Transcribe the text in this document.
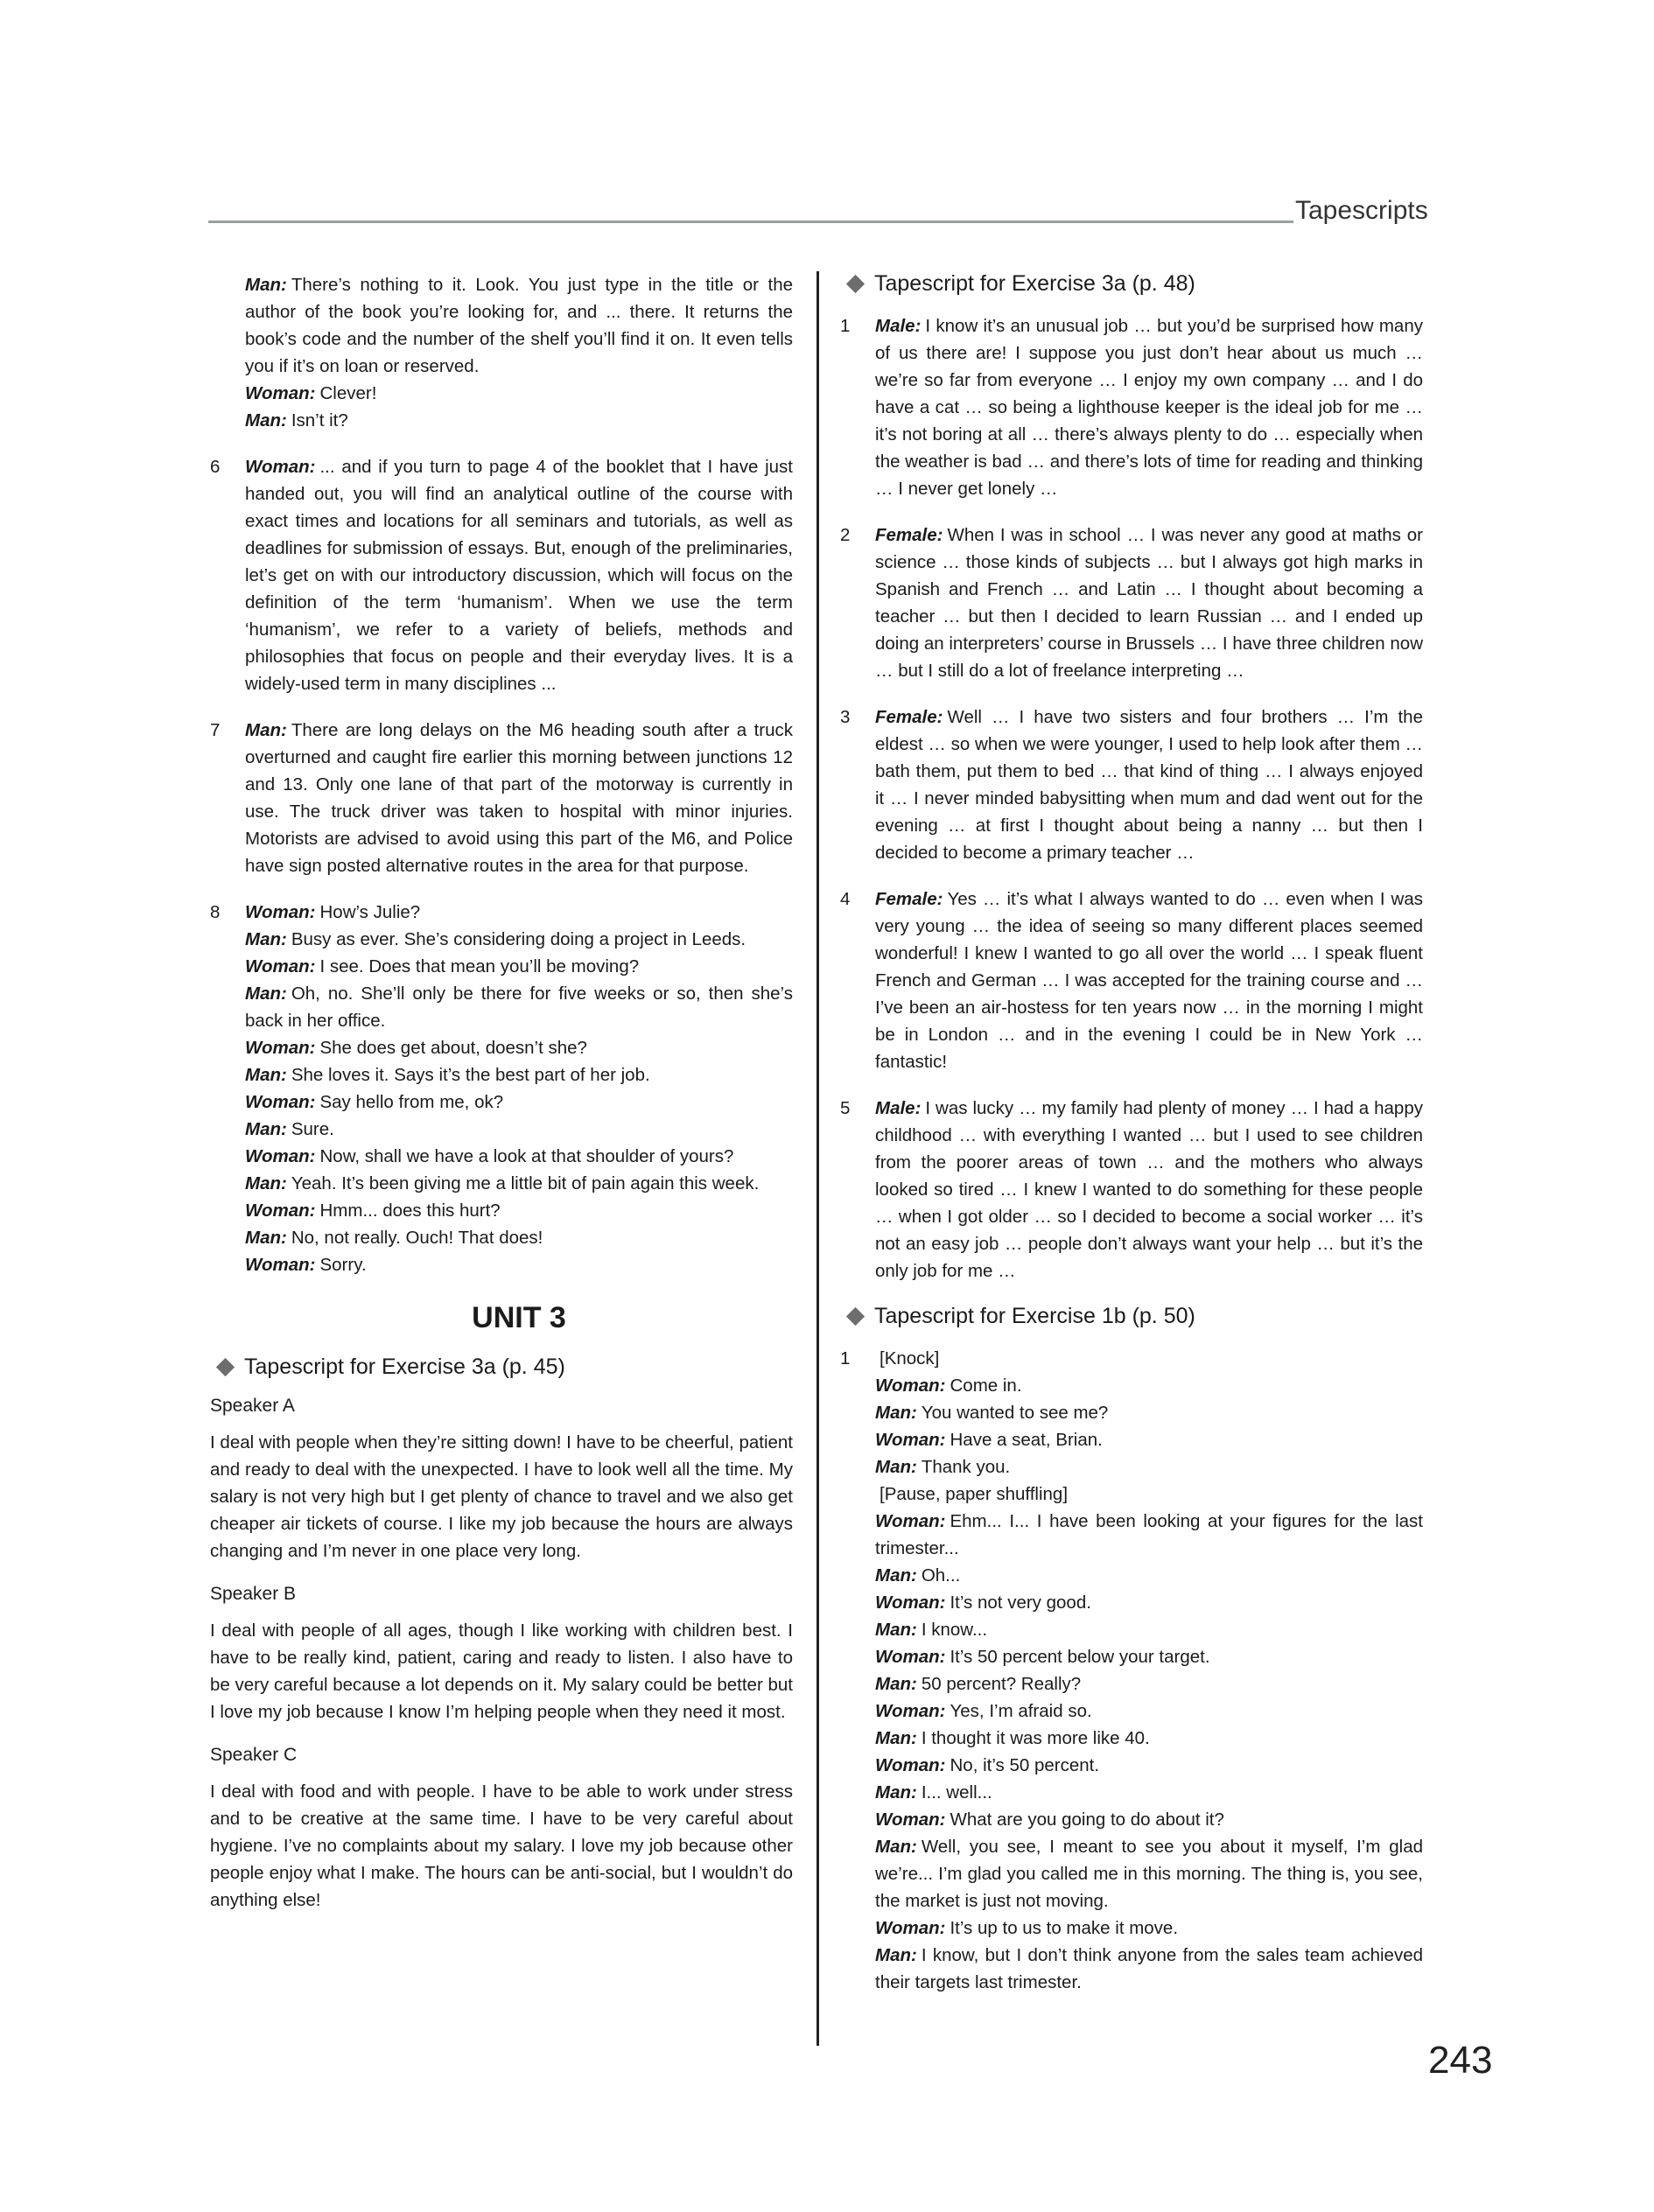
Tapescripts
Man: There’s nothing to it. Look. You just type in the title or the author of the book you’re looking for, and ... there. It returns the book’s code and the number of the shelf you’ll find it on. It even tells you if it’s on loan or reserved.
Woman: Clever!
Man: Isn’t it?
6 Woman: ... and if you turn to page 4 of the booklet that I have just handed out, you will find an analytical outline of the course with exact times and locations for all seminars and tutorials, as well as deadlines for submission of essays. But, enough of the preliminaries, let’s get on with our introductory discussion, which will focus on the definition of the term ‘humanism’. When we use the term ‘humanism’, we refer to a variety of beliefs, methods and philosophies that focus on people and their everyday lives. It is a widely-used term in many disciplines ...
7 Man: There are long delays on the M6 heading south after a truck overturned and caught fire earlier this morning between junctions 12 and 13. Only one lane of that part of the motorway is currently in use. The truck driver was taken to hospital with minor injuries. Motorists are advised to avoid using this part of the M6, and Police have sign posted alternative routes in the area for that purpose.
8 Woman: How’s Julie?
Man: Busy as ever. She’s considering doing a project in Leeds.
Woman: I see. Does that mean you’ll be moving?
Man: Oh, no. She’ll only be there for five weeks or so, then she’s back in her office.
Woman: She does get about, doesn’t she?
Man: She loves it. Says it’s the best part of her job.
Woman: Say hello from me, ok?
Man: Sure.
Woman: Now, shall we have a look at that shoulder of yours?
Man: Yeah. It’s been giving me a little bit of pain again this week.
Woman: Hmm... does this hurt?
Man: No, not really. Ouch! That does!
Woman: Sorry.
UNIT 3
Tapescript for Exercise 3a (p. 45)
Speaker A

I deal with people when they’re sitting down! I have to be cheerful, patient and ready to deal with the unexpected. I have to look well all the time. My salary is not very high but I get plenty of chance to travel and we also get cheaper air tickets of course. I like my job because the hours are always changing and I’m never in one place very long.

Speaker B

I deal with people of all ages, though I like working with children best. I have to be really kind, patient, caring and ready to listen. I also have to be very careful because a lot depends on it. My salary could be better but I love my job because I know I’m helping people when they need it most.

Speaker C

I deal with food and with people. I have to be able to work under stress and to be creative at the same time. I have to be very careful about hygiene. I’ve no complaints about my salary. I love my job because other people enjoy what I make. The hours can be anti-social, but I wouldn’t do anything else!

Tapescript for Exercise 3a (p. 48)
1 Male: I know it’s an unusual job … but you’d be surprised how many of us there are! I suppose you just don’t hear about us much … we’re so far from everyone … I enjoy my own company … and I do have a cat … so being a lighthouse keeper is the ideal job for me … it’s not boring at all … there’s always plenty to do … especially when the weather is bad … and there’s lots of time for reading and thinking … I never get lonely …
2 Female: When I was in school … I was never any good at maths or science … those kinds of subjects … but I always got high marks in Spanish and French … and Latin … I thought about becoming a teacher … but then I decided to learn Russian … and I ended up doing an interpreters’ course in Brussels … I have three children now … but I still do a lot of freelance interpreting …
3 Female: Well … I have two sisters and four brothers … I’m the eldest … so when we were younger, I used to help look after them … bath them, put them to bed … that kind of thing … I always enjoyed it … I never minded babysitting when mum and dad went out for the evening … at first I thought about being a nanny … but then I decided to become a primary teacher …
4 Female: Yes … it’s what I always wanted to do … even when I was very young … the idea of seeing so many different places seemed wonderful! I knew I wanted to go all over the world … I speak fluent French and German … I was accepted for the training course and … I’ve been an air-hostess for ten years now … in the morning I might be in London … and in the evening I could be in New York … fantastic!
5 Male: I was lucky … my family had plenty of money … I had a happy childhood … with everything I wanted … but I used to see children from the poorer areas of town … and the mothers who always looked so tired … I knew I wanted to do something for these people … when I got older … so I decided to become a social worker … it’s not an easy job … people don’t always want your help … but it’s the only job for me …
Tapescript for Exercise 1b (p. 50)
1 [Knock]
Woman: Come in.
Man: You wanted to see me?
Woman: Have a seat, Brian.
Man: Thank you.
[Pause, paper shuffling]
Woman: Ehm... I... I have been looking at your figures for the last trimester...
Man: Oh...
Woman: It’s not very good.
Man: I know...
Woman: It’s 50 percent below your target.
Man: 50 percent? Really?
Woman: Yes, I’m afraid so.
Man: I thought it was more like 40.
Woman: No, it’s 50 percent.
Man: I... well...
Woman: What are you going to do about it?
Man: Well, you see, I meant to see you about it myself, I’m glad we’re... I’m glad you called me in this morning. The thing is, you see, the market is just not moving.
Woman: It’s up to us to make it move.
Man: I know, but I don’t think anyone from the sales team achieved their targets last trimester.
243
